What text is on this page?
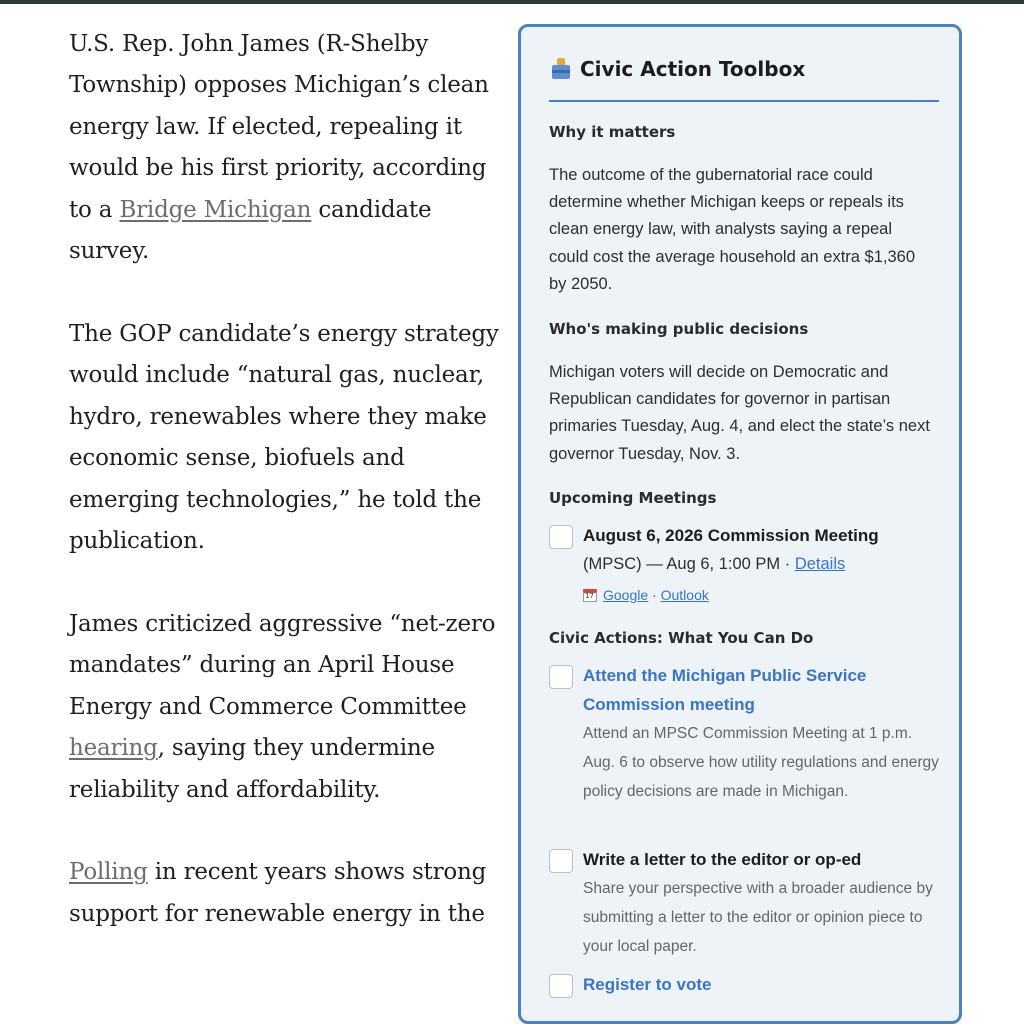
U.S. Rep. John James (R-Shelby Township) opposes Michigan’s clean energy law. If elected, repealing it would be his first priority, according to a Bridge Michigan candidate survey.

The GOP candidate’s energy strategy would include “natural gas, nuclear, hydro, renewables where they make economic sense, biofuels and emerging technologies,” he told the publication.

James criticized aggressive “net-zero mandates” during an April House Energy and Commerce Committee hearing, saying they undermine reliability and affordability.

Polling in recent years shows strong support for renewable energy in the

Civic Action Toolbox
Why it matters
The outcome of the gubernatorial race could determine whether Michigan keeps or repeals its clean energy law, with analysts saying a repeal could cost the average household an extra $1,360 by 2050.
Who's making public decisions
Michigan voters will decide on Democratic and Republican candidates for governor in partisan primaries Tuesday, Aug. 4, and elect the state’s next governor Tuesday, Nov. 3.
Upcoming Meetings
August 6, 2026 Commission Meeting
(MPSC) — Aug 6, 1:00 PM · Details
17 Google · Outlook
Civic Actions: What You Can Do
Attend the Michigan Public Service Commission meeting
Attend an MPSC Commission Meeting at 1 p.m. Aug. 6 to observe how utility regulations and energy policy decisions are made in Michigan.
Write a letter to the editor or op-ed
Share your perspective with a broader audience by submitting a letter to the editor or opinion piece to your local paper.
Register to vote
